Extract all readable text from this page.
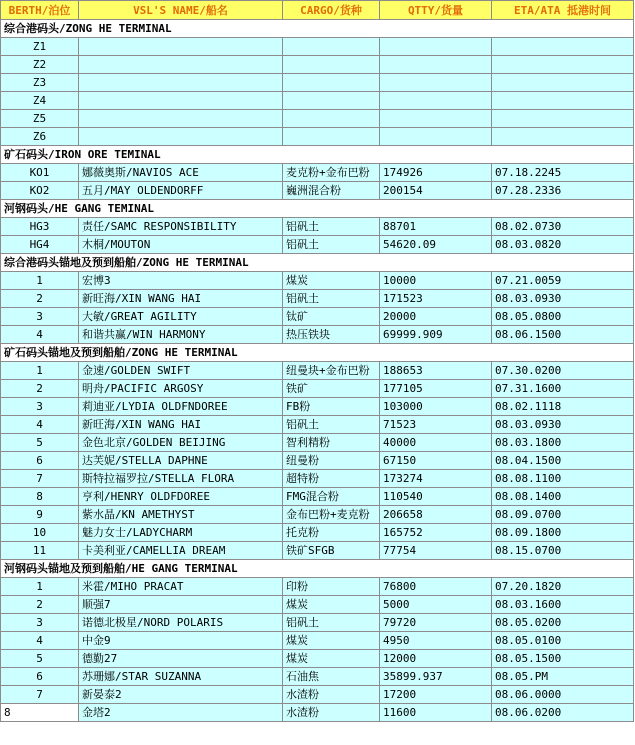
BERTH/泊位	VSL'S NAME/船名	CARGO/货种	QTTY/货量	ETA/ATA 抵港时间
综合港码头/ZONG HE TERMINAL				
Z1				
Z2				
Z3				
Z4				
Z5				
Z6				
矿石码头/IRON ORE TEMINAL				
KO1	娜薇奥斯/NAVIOS ACE	麦克粉+金布巴粉	174926	07.18.2245
KO2	五月/MAY OLDENDORFF	巍洲混合粉	200154	07.28.2336
河钢码头/HE GANG TEMINAL				
HG3	责任/SAMC RESPONSIBILITY	铝矾土	88701	08.02.0730
HG4	木桐/MOUTON	铝矾土	54620.09	08.03.0820
综合港码头锚地及预到船舶/ZONG HE TERMINAL				
1	宏博3	煤炭	10000	07.21.0059
2	新旺海/XIN WANG HAI	铝矾土	171523	08.03.0930
3	大敏/GREAT AGILITY	钛矿	20000	08.05.0800
4	和谐共赢/WIN HARMONY	热压铁块	69999.909	08.06.1500
矿石码头锚地及预到船舶/ZONG HE TERMINAL				
1	金速/GOLDEN SWIFT	纽曼块+金布巴粉	188653	07.30.0200
2	明舟/PACIFIC ARGOSY	铁矿	177105	07.31.1600
3	莉迪亚/LYDIA OLDFNDOREE	FB粉	103000	08.02.1118
4	新旺海/XIN WANG HAI	铝矾土	71523	08.03.0930
5	金色北京/GOLDEN BEIJING	智利精粉	40000	08.03.1800
6	达芙妮/STELLA DAPHNE	纽曼粉	67150	08.04.1500
7	斯特拉福罗拉/STELLA FLORA	超特粉	173274	08.08.1100
8	亨利/HENRY OLDFDOREE	FMG混合粉	110540	08.08.1400
9	紫水晶/KN AMETHYST	金布巴粉+麦克粉	206658	08.09.0700
10	魅力女士/LADYCHARM	托克粉	165752	08.09.1800
11	卡美利亚/CAMELLIA DREAM	铁矿SFGB	77754	08.15.0700
河钢码头锚地及预到船舶/HE GANG TERMINAL				
1	米霍/MIHO PRACAT	印粉	76800	07.20.1820
2	顺强7	煤炭	5000	08.03.1600
3	诺德北极星/NORD POLARIS	铝矾土	79720	08.05.0200
4	中金9	煤炭	4950	08.05.0100
5	德勤27	煤炭	12000	08.05.1500
6	苏珊娜/STAR SUZANNA	石油焦	35899.937	08.05.PM
7	新晏泰2	水渣粉	17200	08.06.0000
8	金塔2	水渣粉	11600	08.06.0200
